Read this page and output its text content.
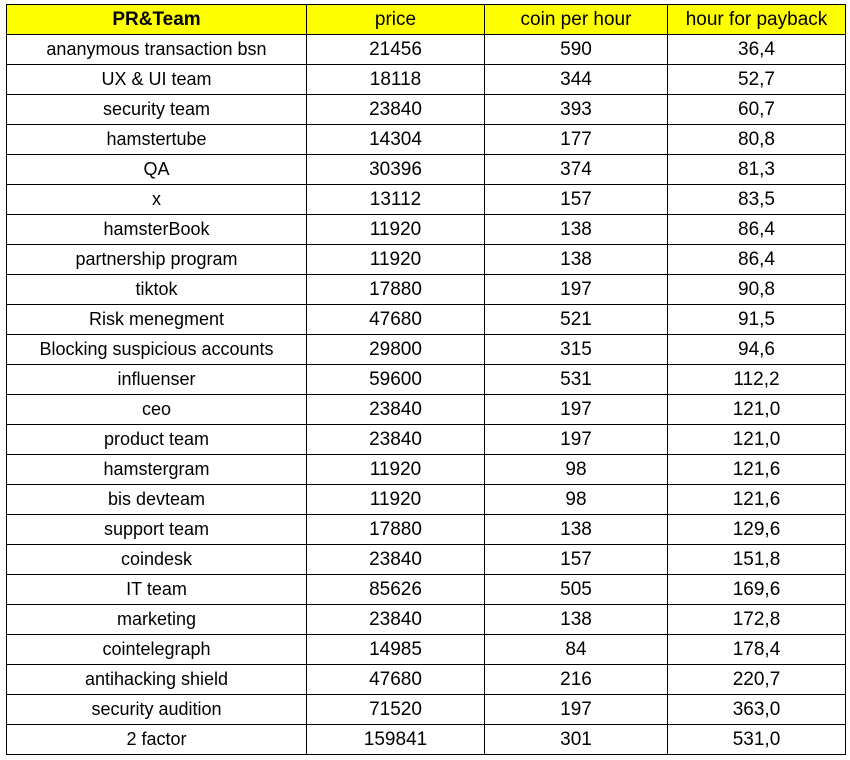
PR&Team	price	coin per hour	hour for payback
ananymous transaction bsn	21456	590	36,4
UX & UI team	18118	344	52,7
security team	23840	393	60,7
hamstertube	14304	177	80,8
QA	30396	374	81,3
x	13112	157	83,5
hamsterBook	11920	138	86,4
partnership program	11920	138	86,4
tiktok	17880	197	90,8
Risk menegment	47680	521	91,5
Blocking suspicious accounts	29800	315	94,6
influenser	59600	531	112,2
ceo	23840	197	121,0
product team	23840	197	121,0
hamstergram	11920	98	121,6
bis devteam	11920	98	121,6
support team	17880	138	129,6
coindesk	23840	157	151,8
IT team	85626	505	169,6
marketing	23840	138	172,8
cointelegraph	14985	84	178,4
antihacking shield	47680	216	220,7
security audition	71520	197	363,0
2 factor	159841	301	531,0
